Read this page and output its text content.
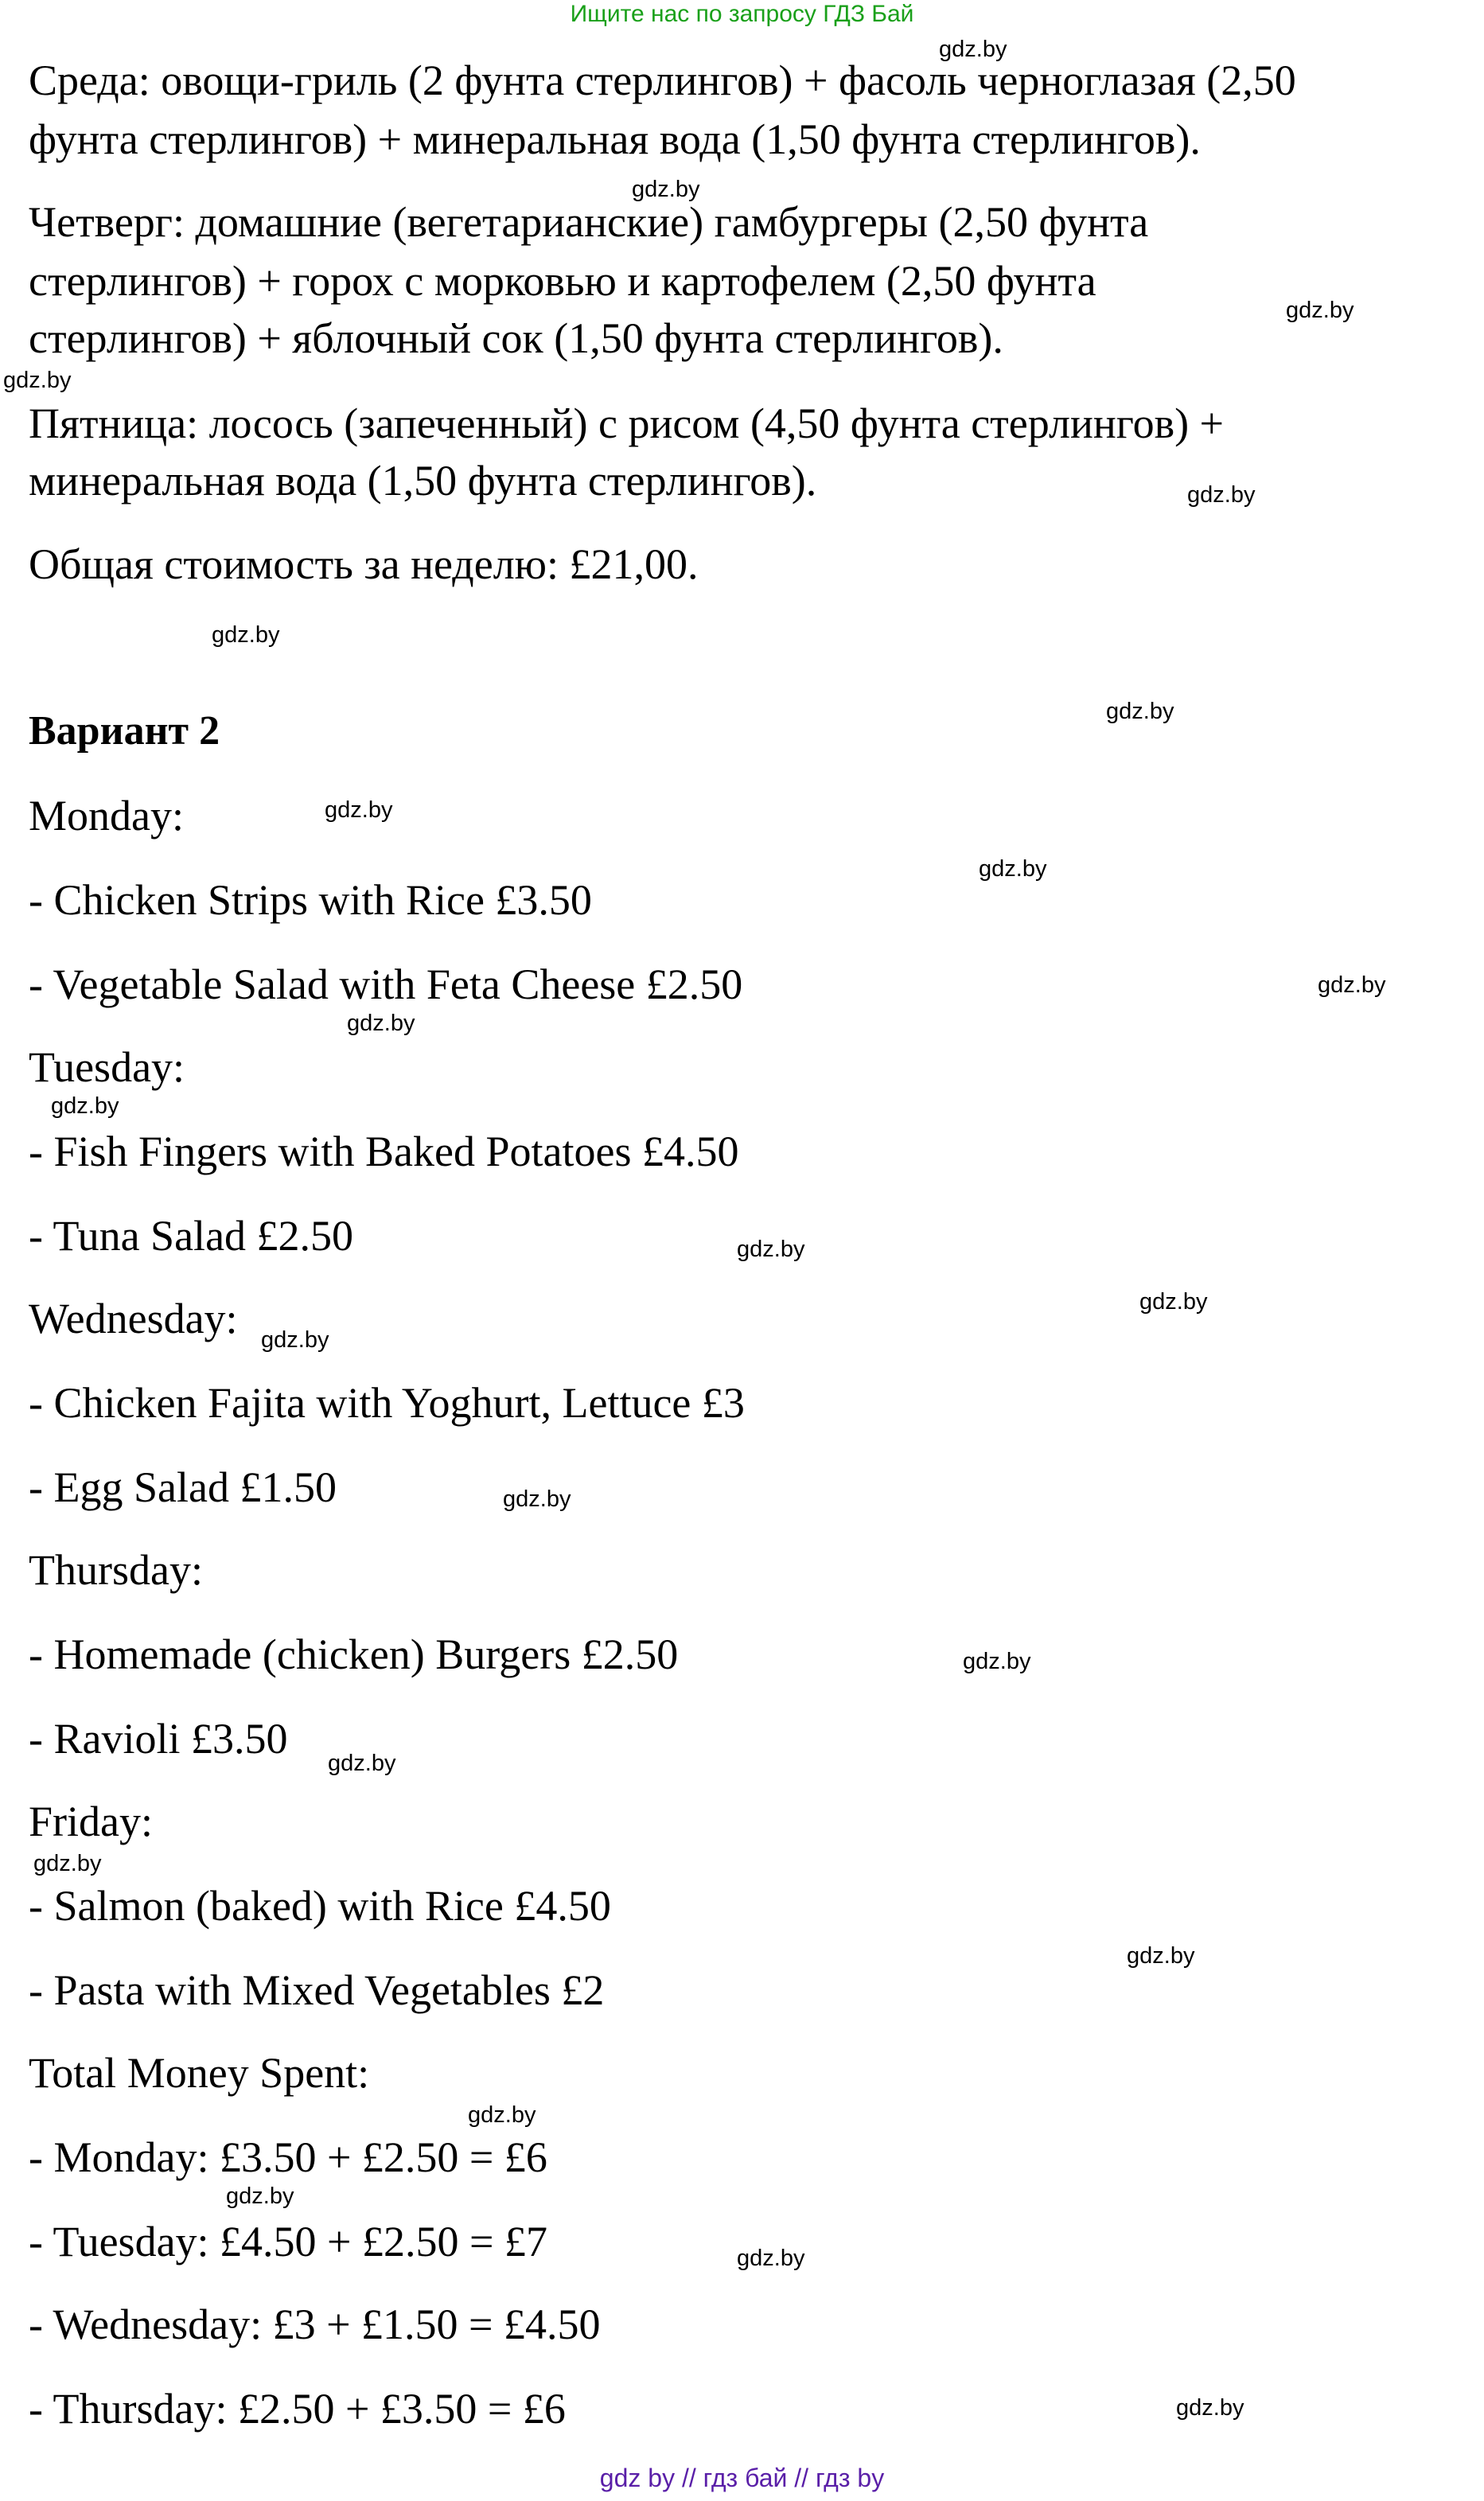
Ищите нас по запросу ГДЗ Бай
Среда: овощи-гриль (2 фунта стерлингов) + фасоль черноглазая (2,50
фунта стерлингов) + минеральная вода (1,50 фунта стерлингов).
Четверг: домашние (вегетарианские) гамбургеры (2,50 фунта
стерлингов) + горох с морковью и картофелем (2,50 фунта
стерлингов) + яблочный сок (1,50 фунта стерлингов).
Пятница: лосось (запеченный) с рисом (4,50 фунта стерлингов) +
минеральная вода (1,50 фунта стерлингов).
Общая стоимость за неделю: £21,00.
Вариант 2
Monday:
- Chicken Strips with Rice £3.50
- Vegetable Salad with Feta Cheese £2.50
Tuesday:
- Fish Fingers with Baked Potatoes £4.50
- Tuna Salad £2.50
Wednesday:
- Chicken Fajita with Yoghurt, Lettuce £3
- Egg Salad £1.50
Thursday:
- Homemade (chicken) Burgers £2.50
- Ravioli £3.50
Friday:
- Salmon (baked) with Rice £4.50
- Pasta with Mixed Vegetables £2
Total Money Spent:
- Monday: £3.50 + £2.50 = £6
- Tuesday: £4.50 + £2.50 = £7
- Wednesday: £3 + £1.50 = £4.50
- Thursday: £2.50 + £3.50 = £6
gdz.by
gdz.by
gdz.by
gdz.by
gdz.by
gdz.by
gdz.by
gdz.by
gdz.by
gdz.by
gdz.by
gdz.by
gdz.by
gdz.by
gdz.by
gdz.by
gdz.by
gdz.by
gdz.by
gdz.by
gdz.by
gdz.by
gdz.by
gdz.by
gdz by // гдз бай // гдз by
